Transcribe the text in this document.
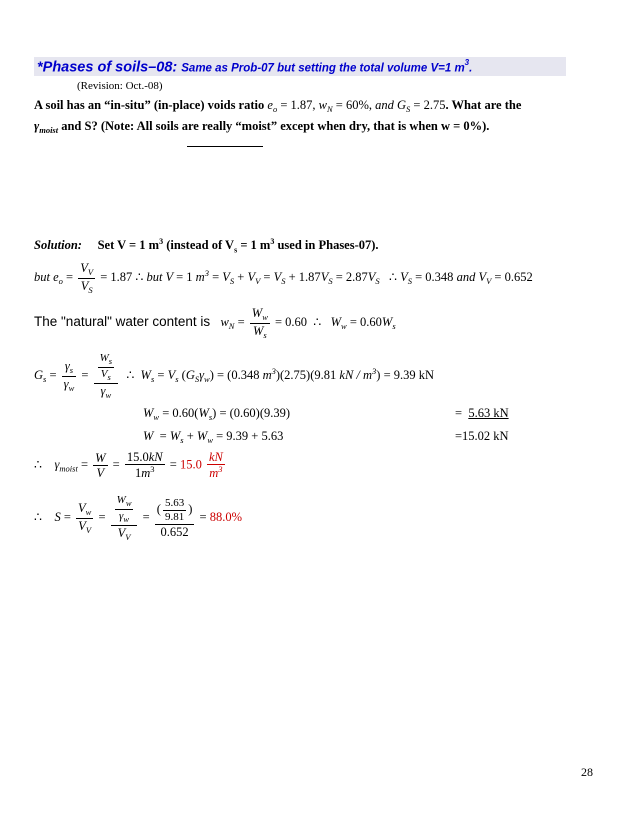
*Phases of soils–08: Same as Prob-07 but setting the total volume V=1 $m^3$.
(Revision: Oct.-08)
A soil has an “in-situ” (in-place) voids ratio $e_o = 1.87$, $w_N = 60\%$, and $G_S = 2.75$. What are the
$\gamma_{moist}$ and S? (Note: All soils are really “moist” except when dry, that is when w = 0%).
Solution: Set V = 1 $m^3$ (instead of $V_s = 1$ $m^3$ used in Phases-07).
but $e_o = \frac{V_V}{V_S} = 1.87$ ∴ but V = 1 $m^3 = V_S + V_V = V_S + 1.87V_S = 2.87V_S$ ∴ $V_S = 0.348$ and $V_V = 0.652$
The "natural" water content is   $w_N = \frac{W_w}{W_s} = 0.60$  ∴   $W_w = 0.60W_s$
$G_s = \frac{\gamma_s}{\gamma_w} = \frac{\frac{W_s}{V_s}}{\gamma_w}$ ∴  $W_s = V_s$ $(G_S\gamma_w) = (0.348$ $m^3)(2.75)(9.81$ kN / $m^3) = 9.39$ kN
$W_w = 0.60(W_s) = (0.60)(9.39)$	=  5.63 kN
$W = W_s + W_w = 9.39 + 5.63$	=15.02 kN
∴    $\gamma_{moist} = \frac{W}{V} = \frac{15.0kN}{1m^3} = 15.0 \frac{kN}{m^3}$
∴    $S = \frac{V_w}{V_V} = \frac{\frac{W_w}{\gamma_w}}{V_V} = \frac{( \frac{5.63}{9.81} )}{0.652} = 88.0\%$
28
